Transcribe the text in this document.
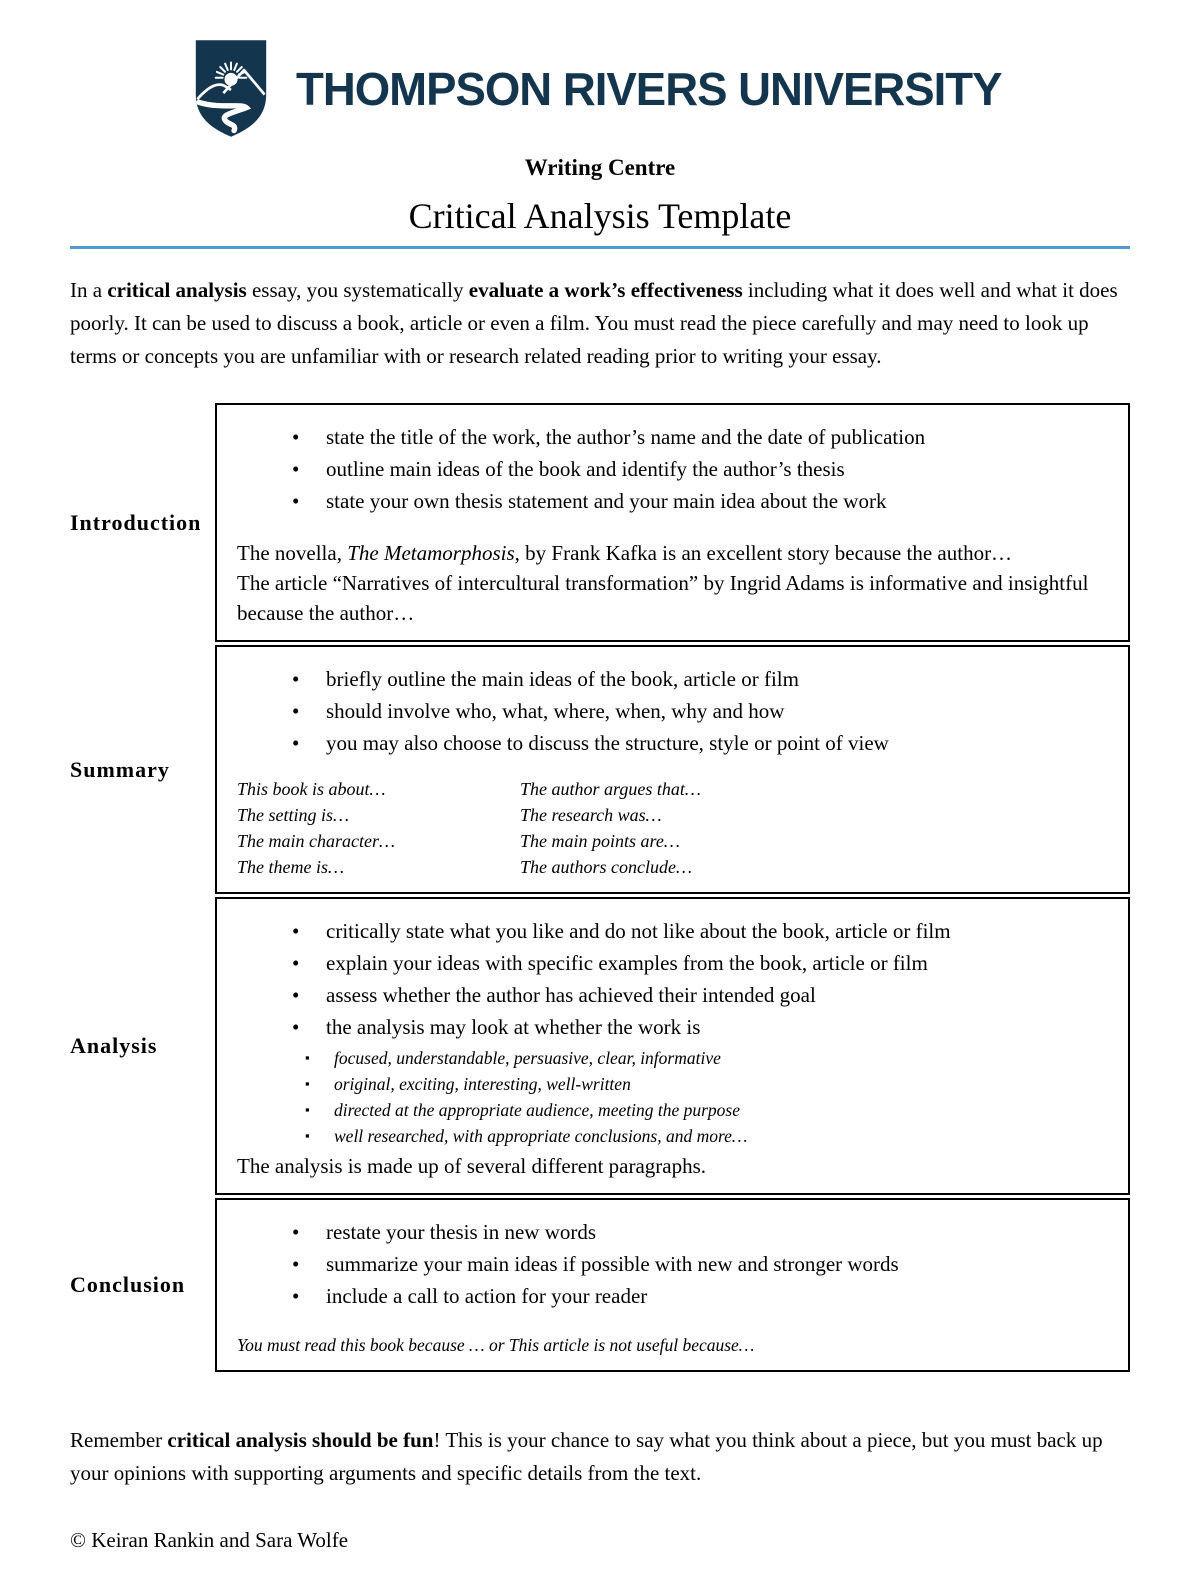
THOMPSON RIVERS UNIVERSITY
Writing Centre
Critical Analysis Template

In a critical analysis essay, you systematically evaluate a work’s effectiveness including what it does well and what it does poorly. It can be used to discuss a book, article or even a film. You must read the piece carefully and may need to look up terms or concepts you are unfamiliar with or research related reading prior to writing your essay.

Introduction
• state the title of the work, the author’s name and the date of publication
• outline main ideas of the book and identify the author’s thesis
• state your own thesis statement and your main idea about the work

The novella, The Metamorphosis, by Frank Kafka is an excellent story because the author…

The article “Narratives of intercultural transformation” by Ingrid Adams is informative and insightful because the author…

Summary
• briefly outline the main ideas of the book, article or film
• should involve who, what, where, when, why and how
• you may also choose to discuss the structure, style or point of view
This book is about…
The setting is…
The main character…
The theme is…
The author argues that…
The research was…
The main points are…
The authors conclude…
Analysis
• critically state what you like and do not like about the book, article or film
• explain your ideas with specific examples from the book, article or film
• assess whether the author has achieved their intended goal
• the analysis may look at whether the work is
▪ focused, understandable, persuasive, clear, informative
▪ original, exciting, interesting, well-written
▪ directed at the appropriate audience, meeting the purpose
▪ well researched, with appropriate conclusions, and more…

The analysis is made up of several different paragraphs.

Conclusion
• restate your thesis in new words
• summarize your main ideas if possible with new and stronger words
• include a call to action for your reader

You must read this book because … or This article is not useful because…

Remember critical analysis should be fun! This is your chance to say what you think about a piece, but you must back up your opinions with supporting arguments and specific details from the text.

© Keiran Rankin and Sara Wolfe
